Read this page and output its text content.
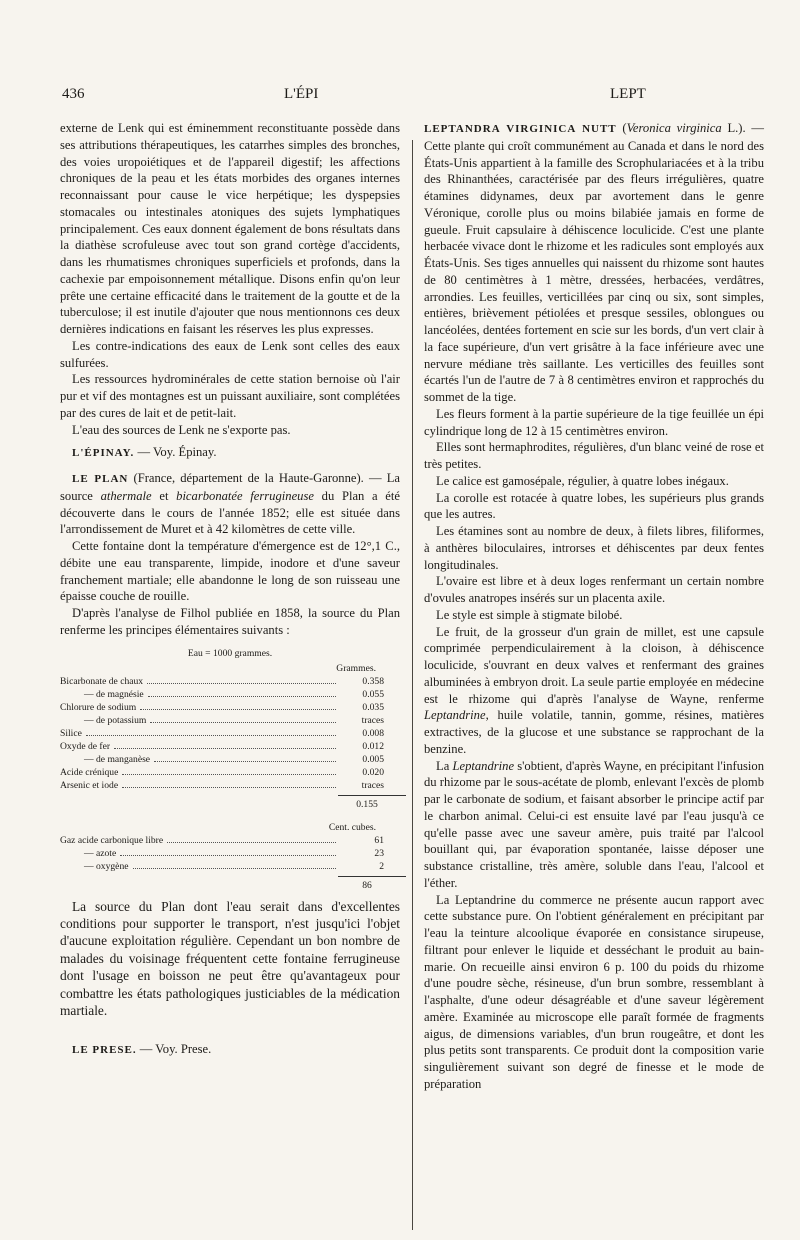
436	L'ÉPI	LEPT

externe de Lenk qui est éminemment reconstituante possède dans ses attributions thérapeutiques, les catarrhes simples des bronches, des voies uropoiétiques et de l'appareil digestif; les affections chroniques de la peau et les états morbides des organes internes reconnaissant pour cause le vice herpétique; les dyspepsies stomacales ou intestinales atoniques des sujets lymphatiques principalement. Ces eaux donnent également de bons résultats dans la diathèse scrofuleuse avec tout son grand cortège d'accidents, dans les rhumatismes chroniques superficiels et profonds, dans la cachexie par empoisonnement métallique. Disons enfin qu'on leur prête une certaine efficacité dans le traitement de la goutte et de la tuberculose; il est inutile d'ajouter que nous mentionnons ces deux dernières indications en faisant les réserves les plus expresses.

Les contre-indications des eaux de Lenk sont celles des eaux sulfurées.

Les ressources hydrominérales de cette station bernoise où l'air pur et vif des montagnes est un puissant auxiliaire, sont complétées par des cures de lait et de petit-lait.

L'eau des sources de Lenk ne s'exporte pas.

L'ÉPINAY. — Voy. Épinay.

LE PLAN (France, département de la Haute-Garonne). — La source athermale et bicarbonatée ferrugineuse du Plan a été découverte dans le cours de l'année 1852; elle est située dans l'arrondissement de Muret et à 42 kilomètres de cette ville.

Cette fontaine dont la température d'émergence est de 12°,1 C., débite une eau transparente, limpide, inodore et d'une saveur franchement martiale; elle abandonne le long de son ruisseau une épaisse couche de rouille.

D'après l'analyse de Filhol publiée en 1858, la source du Plan renferme les principes élémentaires suivants :

Eau = 1000 grammes.
Grammes.
Bicarbonate de chaux	0.358
— de magnésie	0.055
Chlorure de sodium	0.035
— de potassium	traces
Silice	0.008
Oxyde de fer	0.012
— de manganèse	0.005
Acide crénique	0.020
Arsenic et iode	traces
0.155
Cent. cubes.
Gaz acide carbonique libre	61
— azote	23
— oxygène	2
86

La source du Plan dont l'eau serait dans d'excellentes conditions pour supporter le transport, n'est jusqu'ici l'objet d'aucune exploitation régulière. Cependant un bon nombre de malades du voisinage fréquentent cette fontaine ferrugineuse dont l'usage en boisson ne peut être qu'avantageux pour combattre les états pathologiques justiciables de la médication martiale.

LE PRESE. — Voy. Prese.

LEPTANDRA VIRGINICA NUTT (Veronica virginica L.). — Cette plante qui croît communément au Canada et dans le nord des États-Unis appartient à la famille des Scrophulariacées et à la tribu des Rhinanthées, caractérisée par des fleurs irrégulières, quatre étamines didynames, deux par avortement dans le genre Véronique, corolle plus ou moins bilabiée jamais en forme de gueule. Fruit capsulaire à déhiscence loculicide. C'est une plante herbacée vivace dont le rhizome et les radicules sont employés aux États-Unis. Ses tiges annuelles qui naissent du rhizome sont hautes de 80 centimètres à 1 mètre, dressées, herbacées, verdâtres, arrondies. Les feuilles, verticillées par cinq ou six, sont simples, entières, brièvement pétiolées et presque sessiles, oblongues ou lancéolées, dentées fortement en scie sur les bords, d'un vert clair à la face supérieure, d'un vert grisâtre à la face inférieure avec une nervure médiane très saillante. Les verticilles des feuilles sont écartés l'un de l'autre de 7 à 8 centimètres environ et rapprochés du sommet de la tige.

Les fleurs forment à la partie supérieure de la tige feuillée un épi cylindrique long de 12 à 15 centimètres environ.

Elles sont hermaphrodites, régulières, d'un blanc veiné de rose et très petites.

Le calice est gamosépale, régulier, à quatre lobes inégaux.

La corolle est rotacée à quatre lobes, les supérieurs plus grands que les autres.

Les étamines sont au nombre de deux, à filets libres, filiformes, à anthères biloculaires, introrses et déhiscentes par deux fentes longitudinales.

L'ovaire est libre et à deux loges renfermant un certain nombre d'ovules anatropes insérés sur un placenta axile.

Le style est simple à stigmate bilobé.

Le fruit, de la grosseur d'un grain de millet, est une capsule comprimée perpendiculairement à la cloison, à déhiscence loculicide, s'ouvrant en deux valves et renfermant des graines albuminées à embryon droit. La seule partie employée en médecine est le rhizome qui d'après l'analyse de Wayne, renferme Leptandrine, huile volatile, tannin, gomme, résines, matières extractives, de la glucose et une substance se rapprochant de la benzine.

La Leptandrine s'obtient, d'après Wayne, en précipitant l'infusion du rhizome par le sous-acétate de plomb, enlevant l'excès de plomb par le carbonate de sodium, et faisant absorber le principe actif par le charbon animal. Celui-ci est ensuite lavé par l'eau jusqu'à ce qu'elle passe avec une saveur amère, puis traité par l'alcool bouillant qui, par évaporation spontanée, laisse déposer une substance cristalline, très amère, soluble dans l'eau, l'alcool et l'éther.

La Leptandrine du commerce ne présente aucun rapport avec cette substance pure. On l'obtient généralement en précipitant par l'eau la teinture alcoolique évaporée en consistance sirupeuse, filtrant pour enlever le liquide et desséchant le produit au bain-marie. On recueille ainsi environ 6 p. 100 du poids du rhizome d'une poudre sèche, résineuse, d'un brun sombre, ressemblant à l'asphalte, d'une odeur désagréable et d'une saveur légèrement amère. Examinée au microscope elle paraît formée de fragments aigus, de dimensions variables, d'un brun rougeâtre, et dont les plus petits sont transparents. Ce produit dont la composition varie singulièrement suivant son degré de finesse et le mode de préparation
